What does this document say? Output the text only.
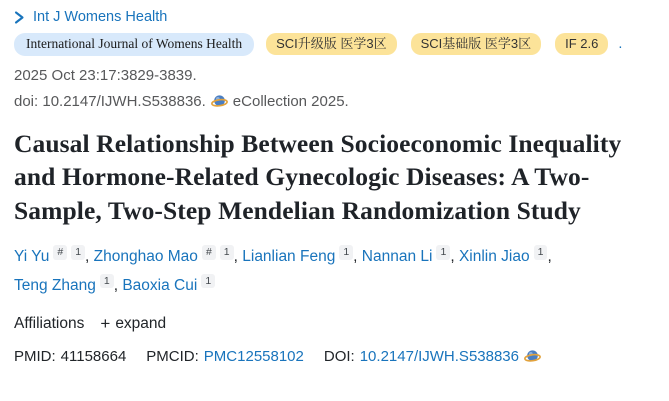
Int J Womens Health
International Journal of Womens Health	SCI升级版 医学3区	SCI基础版 医学3区	IF 2.6	.
2025 Oct 23:17:3829-3839.
doi: 10.2147/IJWH.S538836. eCollection 2025.
Causal Relationship Between Socioeconomic Inequality and Hormone-Related Gynecologic Diseases: A Two-Sample, Two-Step Mendelian Randomization Study
Yi Yu # 1 , Zhonghao Mao # 1 , Lianlian Feng 1 , Nannan Li 1 , Xinlin Jiao 1 , Teng Zhang 1 , Baoxia Cui 1
Affiliations + expand
PMID: 41158664 PMCID: PMC12558102 DOI: 10.2147/IJWH.S538836
